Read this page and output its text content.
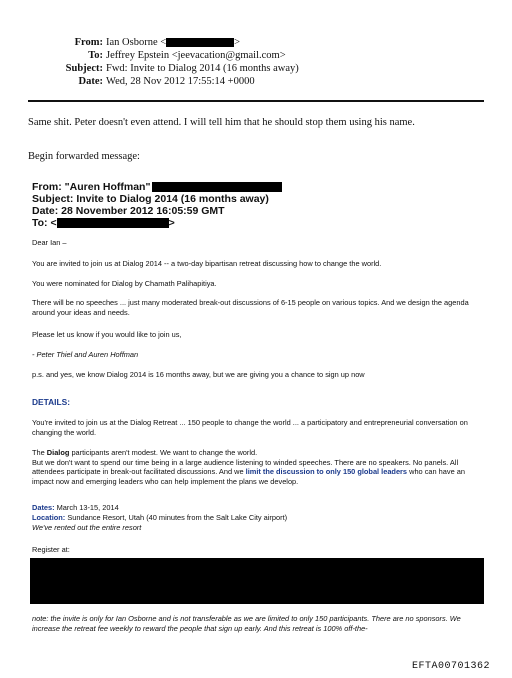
From: Ian Osborne <	>
To: Jeffrey Epstein <jeevacation@gmail.com>
Subject: Fwd: Invite to Dialog 2014 (16 months away)
Date: Wed, 28 Nov 2012 17:55:14 +0000
Same shit. Peter doesn't even attend. I will tell him that he should stop them using his name.
Begin forwarded message:
From: "Auren Hoffman"
Subject: Invite to Dialog 2014 (16 months away)
Date: 28 November 2012 16:05:59 GMT
To: <	>
Dear Ian –
You are invited to join us at Dialog 2014 -- a two-day bipartisan retreat discussing how to change the world.
You were nominated for Dialog by Chamath Palihapitiya.
There will be no speeches ... just many moderated break-out discussions of 6-15 people on various topics. And we design the agenda around your ideas and needs.
Please let us know if you would like to join us,
- Peter Thiel and Auren Hoffman
p.s. and yes, we know Dialog 2014 is 16 months away, but we are giving you a chance to sign up now
DETAILS:
You're invited to join us at the Dialog Retreat ... 150 people to change the world ... a participatory and entrepreneurial conversation on changing the world.
The Dialog participants aren't modest. We want to change the world.
But we don't want to spend our time being in a large audience listening to winded speeches. There are no speakers. No panels. All attendees participate in break-out facilitated discussions. And we limit the discussion to only 150 global leaders who can have an impact now and emerging leaders who can help implement the plans we develop.
Dates: March 13-15, 2014
Location: Sundance Resort, Utah (40 minutes from the Salt Lake City airport)
We've rented out the entire resort
Register at:
note: the invite is only for Ian Osborne and is not transferable as we are limited to only 150 participants. There are no sponsors. We increase the retreat fee weekly to reward the people that sign up early. And this retreat is 100% off-the-
EFTA00701362
